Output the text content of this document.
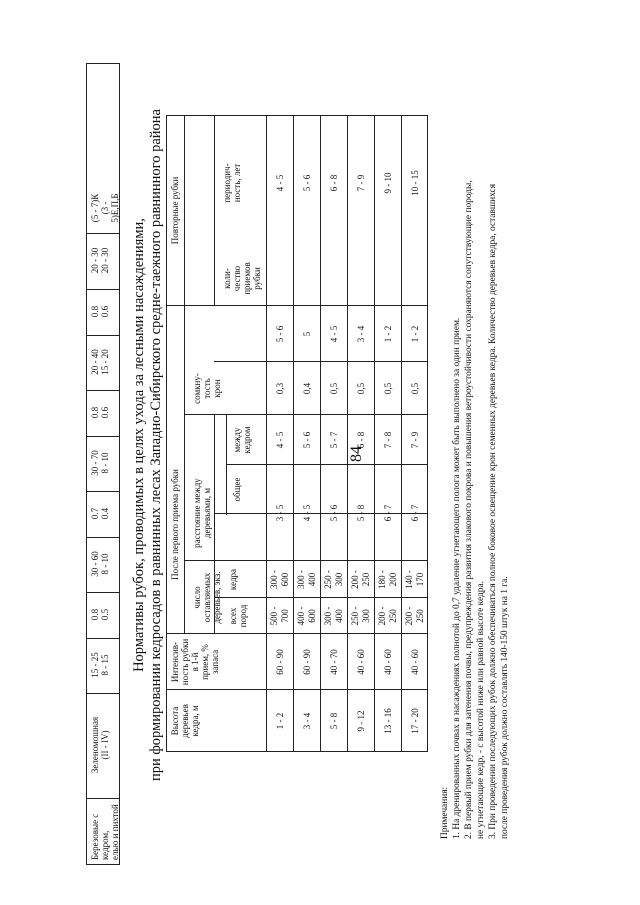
84
Березовые с кедром, елью и пихтой
Зеленомошная (II - IV)
15 - 25 8 - 15
0.8 0.5
30 - 60 8 - 10
0.7 0.4
30 - 70 8 - 10
0.8 0.6
20 - 40 15 - 20
0.8 0.6
20 - 30 20 - 30
(5 - 7)К (3 - 5)Е,П,Б
Нормативы рубок, проводимых в целях ухода за лесными насаждениями, при формировании кедросадов в равнинных лесах Западно-Сибирского средне-таежного равнинного района Высота деревьев кедра, м
Интенсив- ность рубки в 1-й прием, % запаса
После первого приема рубки
число оставляемых деревьев, экз. всех пород
кедра
расстояние между деревьями, м общее
между кедром
сомкну- тость крон
Повторные рубки
коли- чество приемов рубки
периодич- ность, лет
1 - 2
60 - 90
500 - 700
300 - 600
3 - 5
4 - 5
0,3
5 - 6
4 - 5
3 - 4
60 - 90
400 - 600
300 - 400
4 - 5
5 - 6
0,4
5
5 - 6
5 - 8
40 - 70
300 - 400
250 - 300
5 - 6
5 - 7
0,5
4 - 5
6 - 8
9 - 12
40 - 60
250 - 300
200 - 250
5 - 8
6 - 8
0,5
3 - 4
7 - 9
13 - 16
40 - 60
200 - 250
180 - 200
6 - 7
7 - 8
0,5
1 - 2
9 - 10
17 - 20
40 - 60
200 - 250
140 - 170
6 - 7
7 - 9
0,5
1 - 2
10 - 15
Примечания: 1. На дренированных почвах в насаждениях полнотой до 0,7 удаление угнетающего полога может быть выполнено за один прием. 2. В первый прием рубки для затенения почвы, предупреждения развития злакового покрова и повышения ветроустойчивости сохраняются сопутствующие породы, не угнетающие кедр, - с высотой ниже или равной высоте кедра. 3. При проведении последующих рубок должно обеспечиваться полное боковое освещение крон семенных деревьев кедра. Количество деревьев кедра, оставшихся после проведения рубок должно составлять 140-150 штук на 1 га.
